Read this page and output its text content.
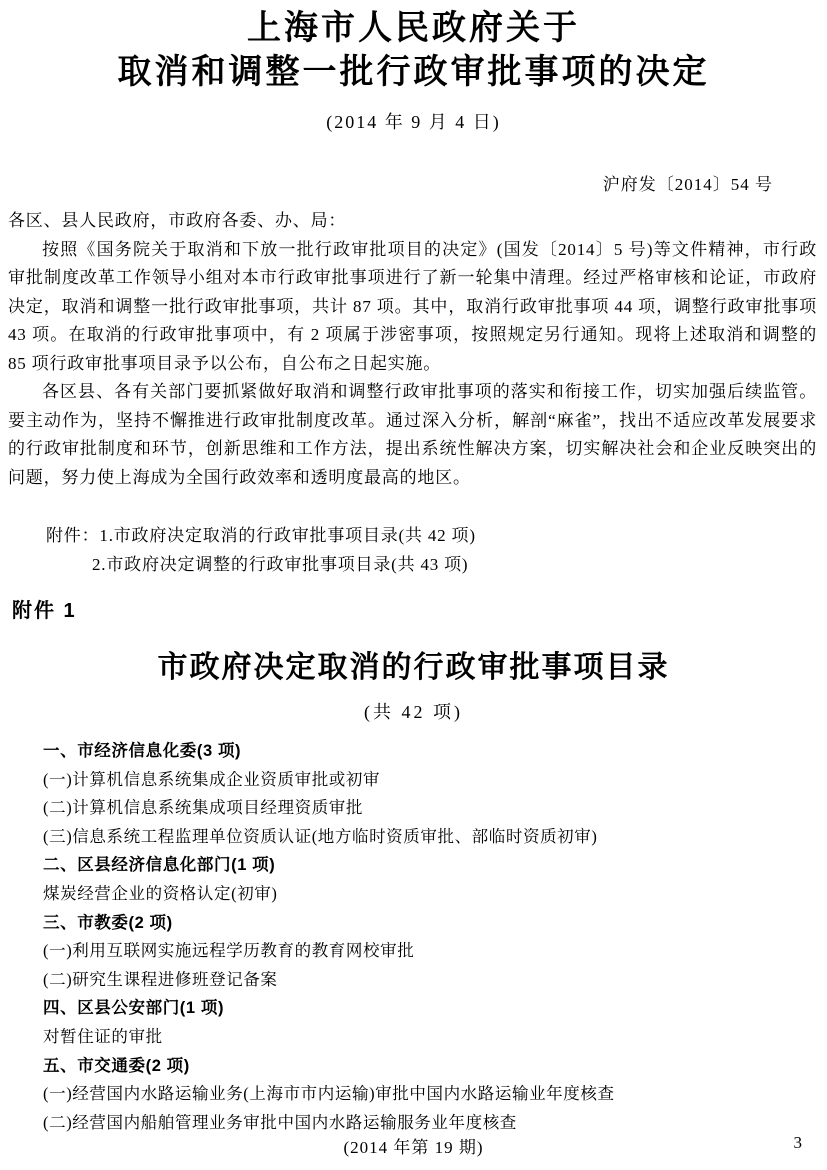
上海市人民政府关于
取消和调整一批行政审批事项的决定
(2014 年 9 月 4 日)
沪府发〔2014〕54 号
各区、县人民政府，市政府各委、办、局：

按照《国务院关于取消和下放一批行政审批项目的决定》(国发〔2014〕5 号)等文件精神，市行政审批制度改革工作领导小组对本市行政审批事项进行了新一轮集中清理。经过严格审核和论证，市政府决定，取消和调整一批行政审批事项，共计 87 项。其中，取消行政审批事项 44 项，调整行政审批事项 43 项。在取消的行政审批事项中，有 2 项属于涉密事项，按照规定另行通知。现将上述取消和调整的 85 项行政审批事项目录予以公布，自公布之日起实施。

各区县、各有关部门要抓紧做好取消和调整行政审批事项的落实和衔接工作，切实加强后续监管。要主动作为，坚持不懈推进行政审批制度改革。通过深入分析，解剖“麻雀”，找出不适应改革发展要求的行政审批制度和环节，创新思维和工作方法，提出系统性解决方案，切实解决社会和企业反映突出的问题，努力使上海成为全国行政效率和透明度最高的地区。

附件：1.市政府决定取消的行政审批事项目录(共 42 项)
2.市政府决定调整的行政审批事项目录(共 43 项)
附件 1
市政府决定取消的行政审批事项目录
(共 42 项)
一、市经济信息化委(3 项)
(一)计算机信息系统集成企业资质审批或初审
(二)计算机信息系统集成项目经理资质审批
(三)信息系统工程监理单位资质认证(地方临时资质审批、部临时资质初审)
二、区县经济信息化部门(1 项)
煤炭经营企业的资格认定(初审)
三、市教委(2 项)
(一)利用互联网实施远程学历教育的教育网校审批
(二)研究生课程进修班登记备案
四、区县公安部门(1 项)
对暂住证的审批
五、市交通委(2 项)
(一)经营国内水路运输业务(上海市市内运输)审批中国内水路运输业年度核查
(二)经营国内船舶管理业务审批中国内水路运输服务业年度核查
(2014 年第 19 期)	3
